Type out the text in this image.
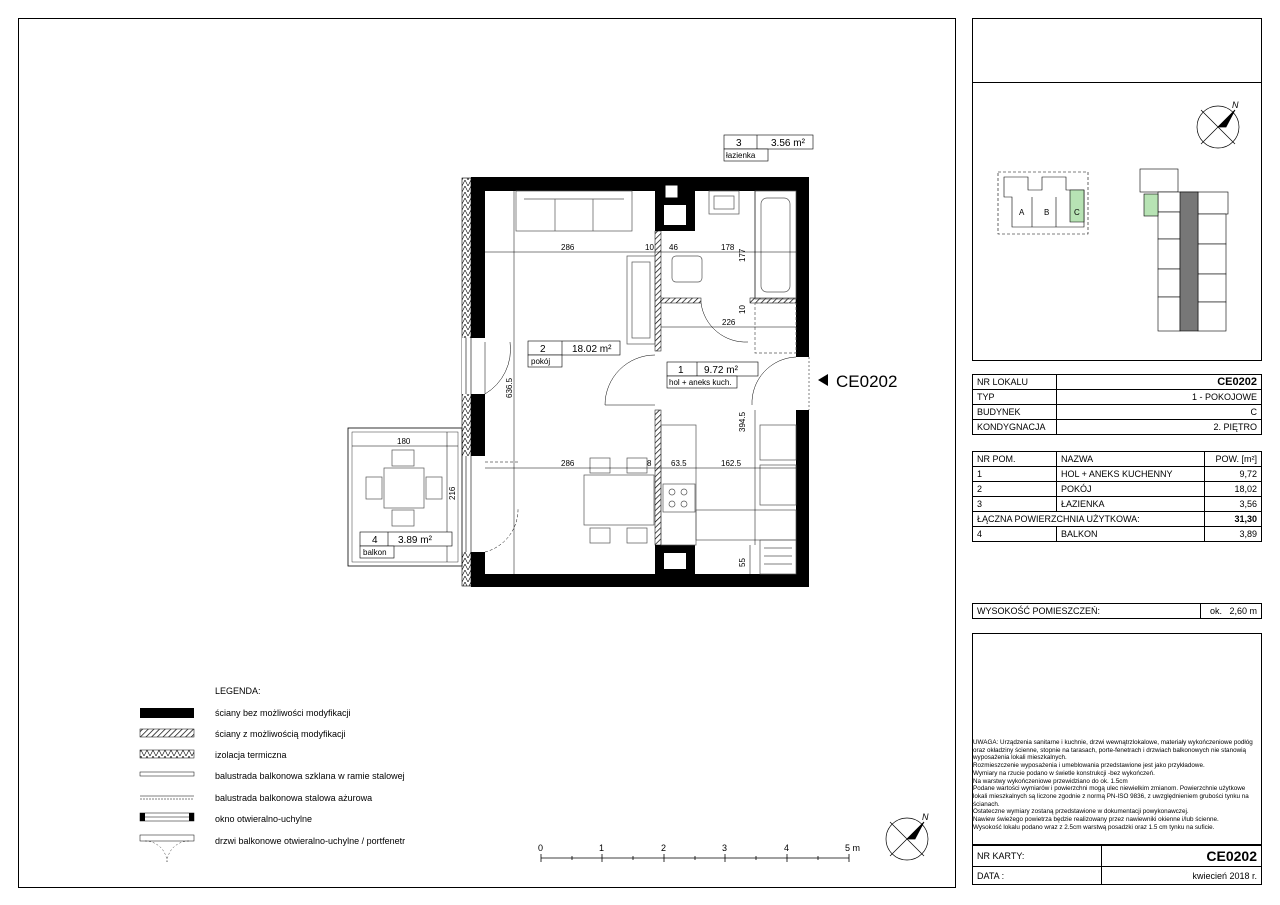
286	10 46	178
177
10
226
636.5
394.5
286	8 63.5	162.5
55
180
216
3	3.56 m²
łazienka
2	18.02 m²
pokój
1 9.72 m²
hol + aneks kuch.
4 3.89 m²
balkon
CE0202
0	1	2	3	4	5 m
N
LEGENDA:
ściany bez możliwości modyfikacji
ściany z możliwością modyfikacji
izolacja termiczna
balustrada balkonowa szklana w ramie stalowej
balustrada balkonowa stalowa ażurowa
okno otwieralno-uchylne
drzwi balkonowe otwieralno-uchylne / portfenetr
N
A B	C
NR LOKALU	CE0202
TYP	1 - POKOJOWE
BUDYNEK	C
KONDYGNACJA	2. PIĘTRO
NR POM.	NAZWA	POW. [m²]
1	HOL + ANEKS KUCHENNY	9,72
2	POKÓJ	18,02
3	ŁAZIENKA	3,56
ŁĄCZNA POWIERZCHNIA UŻYTKOWA:		31,30
4	BALKON	3,89
WYSOKOŚĆ POMIESZCZEŃ:	ok. 2,60 m
UWAGA: Urządzenia sanitarne i kuchnie, drzwi wewnątrzlokalowe, materiały wykończeniowe podłóg oraz okładziny ścienne, stopnie na tarasach, porte-fenetrach i drzwiach balkonowych nie stanowią wyposażenia lokali mieszkalnych.
Rozmieszczenie wyposażenia i umeblowania przedstawione jest jako przykładowe.
Wymiary na rzucie podano w świetle konstrukcji -bez wykończeń.
Na warstwy wykończeniowe przewidziano do ok. 1.5cm
Podane wartości wymiarów i powierzchni mogą ulec niewielkim zmianom. Powierzchnie użytkowe lokali mieszkalnych są liczone zgodnie z normą PN-ISO 9836, z uwzględnieniem grubości tynku na ścianach.
Ostateczne wymiary zostaną przedstawione w dokumentacji powykonawczej.
Nawiew świeżego powietrza będzie realizowany przez nawiewniki okienne i/lub ścienne.
Wysokość lokalu podano wraz z 2.5cm warstwą posadzki oraz 1.5 cm tynku na suficie.
NR KARTY:	CE0202
DATA :	kwiecień 2018 r.
